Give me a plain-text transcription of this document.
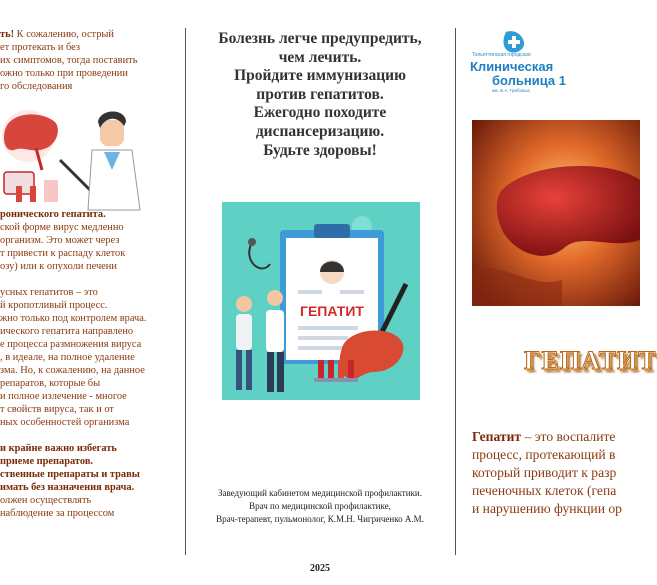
ть! К сожалению, острый
ет протекать и без
их симптомов, тогда поставить
ожно только при проведении
го обследования
ронического гепатита.
ской форме вирус медленно
организм. Это может через
т привести к распаду клеток
озу) или к опухоли печени
усных гепатитов – это
й кропотливый процесс.
жно только под контролем врача.
ического гепатита направлено
е процесса размножения вируса
, в идеале, на полное удаление
зма. Но, к сожалению, на данное
репаратов, которые бы
и полное излечение - многое
т свойств вируса, так и от
ных особенностей организма
и крайне важно избегать
приеме препаратов.
ственные препараты и травы
имать без назначения врача.
олжен осуществлять
наблюдение за процессом
Болезнь легче предупредить,
чем лечить.
Пройдите иммунизацию
против гепатитов.
Ежегодно походите
диспансеризацию.
Будьте здоровы!
ГЕПАТИТ
Заведующий кабинетом медицинской профилактики.
Врач по медицинской профилактике,
Врач-терапевт, пульмонолог, К.М.Н. Чигриченко А.М.
2025
Тольяттинская городская
Клиническая
больница 1
им. В.А. Грибовых
ГЕПАТИТ
Гепатит – это воспалите
процесс, протекающий в
который приводит к разр
печеночных клеток (гепа
и нарушению функции ор
